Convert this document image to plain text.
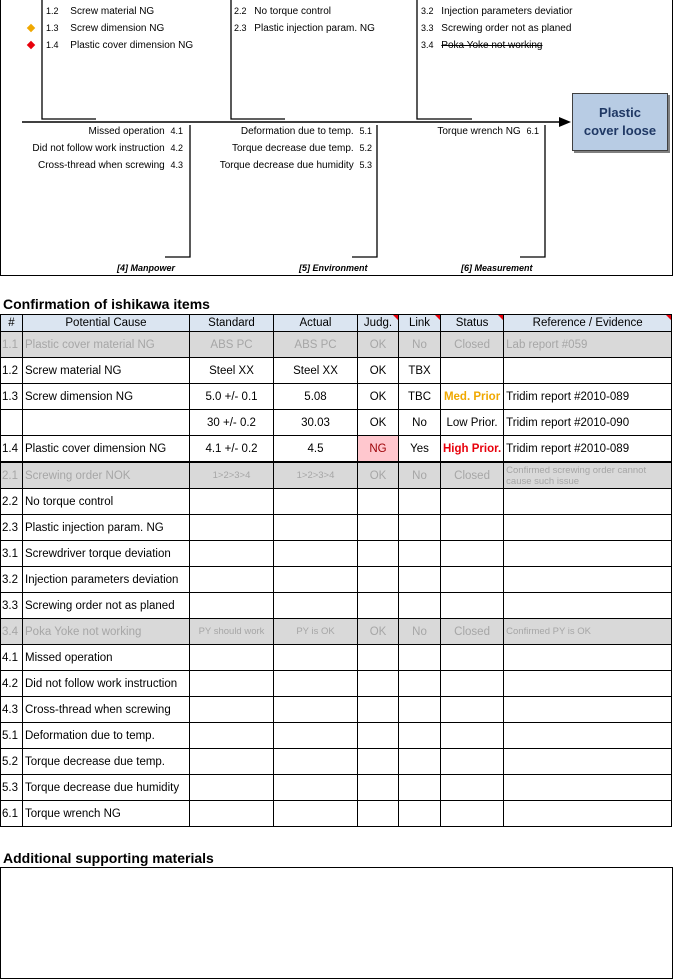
1.2 Screw material NG
1.3 Screw dimension NG
1.4 Plastic cover dimension NG
2.2 No torque control
2.3 Plastic injection param. NG
3.2 Injection parameters deviatior
3.3 Screwing order not as planed
3.4 Poka Yoke not working
Plastic cover loose
Missed operation 4.1
Did not follow work instruction 4.2
Cross-thread when screwing 4.3
Deformation due to temp. 5.1
Torque decrease due temp. 5.2
Torque decrease due humidity 5.3
Torque wrench NG 6.1
[4] Manpower	[5] Environment	[6] Measurement
Confirmation of ishikawa items
#	Potential Cause	Standard	Actual	Judg.	Link	Status	Reference / Evidence

1.1	Plastic cover material NG	ABS PC	ABS PC	OK	No	Closed	Lab report #059
1.2	Screw material NG	Steel XX	Steel XX	OK	TBX		
1.3	Screw dimension NG	5.0 +/- 0.1	5.08	OK	TBC	Med. Prior	Tridim report #2010-089
		30 +/- 0.2	30.03	OK	No	Low Prior.	Tridim report #2010-090
1.4	Plastic cover dimension NG	4.1 +/- 0.2	4.5	NG	Yes	High Prior.	Tridim report #2010-089
2.1	Screwing order NOK	1>2>3>4	1>2>3>4	OK	No	Closed	Confirmed screwing order cannot cause such issue
2.2	No torque control						
2.3	Plastic injection param. NG						
3.1	Screwdriver torque deviation						
3.2	Injection parameters deviation						
3.3	Screwing order not as planed						
3.4	Poka Yoke not working	PY should work	PY is OK	OK	No	Closed	Confirmed PY is OK
4.1	Missed operation						
4.2	Did not follow work instruction						
4.3	Cross-thread when screwing						
5.1	Deformation due to temp.						
5.2	Torque decrease due temp.						
5.3	Torque decrease due humidity						
6.1	Torque wrench NG						
Additional supporting materials
